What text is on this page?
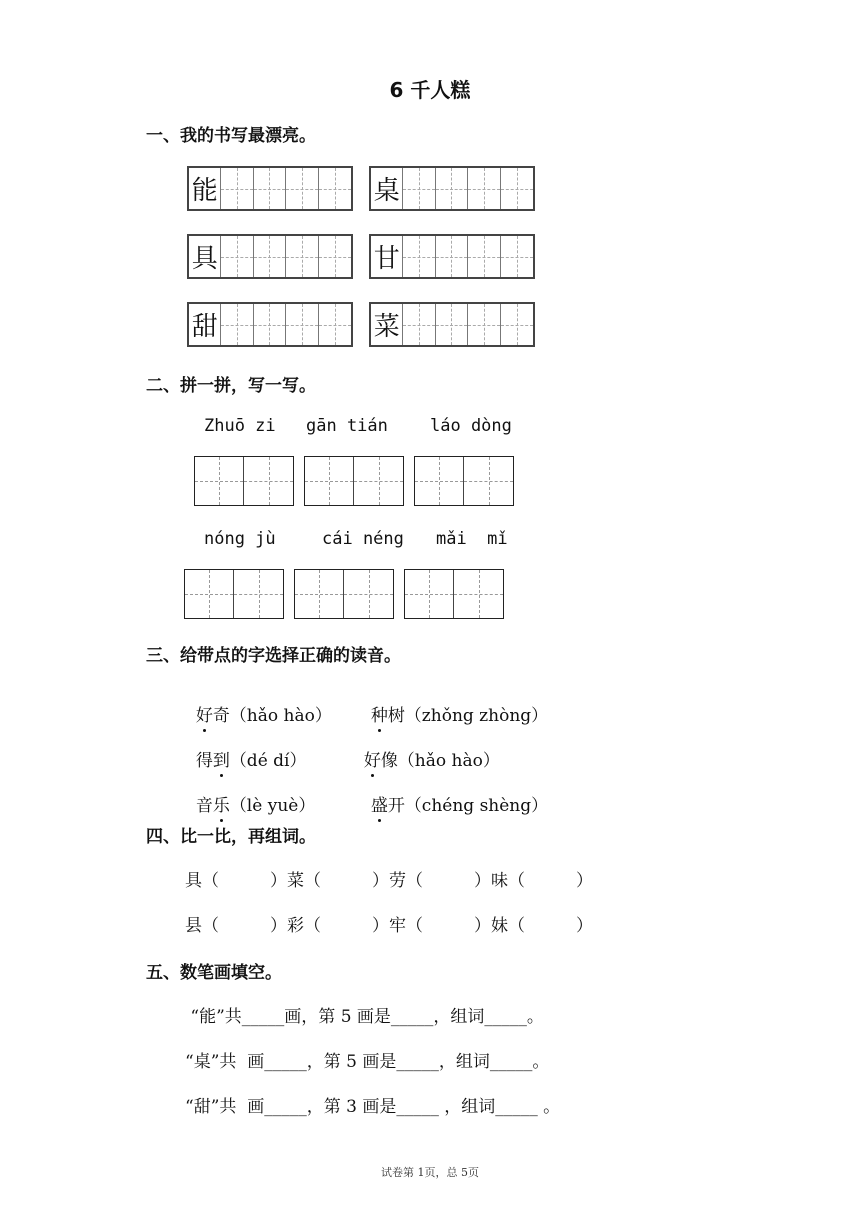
6 千人糕
一、我的书写最漂亮。
能	桌
具	甘
甜	菜
二、拼一拼，写一写。
Zhuō zi gān tián láo dòng
nóng jù	cái néng mǎi  mǐ
三、给带点的字选择正确的读音。

好奇（hǎo hào）	种树（zhǒng zhòng）

得到（dé dí）	好像（hǎo hào）

音乐（lè yuè）	盛开（chéng shèng）

四、比一比，再组词。
具（　　　）菜（　　　）劳（　　　）味（　　　）
县（　　　）彩（　　　）牢（　　　）妹（　　　）
五、数笔画填空。
“能”共_____画，第 5 画是_____，组词_____。
“桌”共  画_____，第 5 画是_____，组词_____。
“甜”共  画_____，第 3 画是_____ ，组词_____ 。
试卷第 1页，总 5页
